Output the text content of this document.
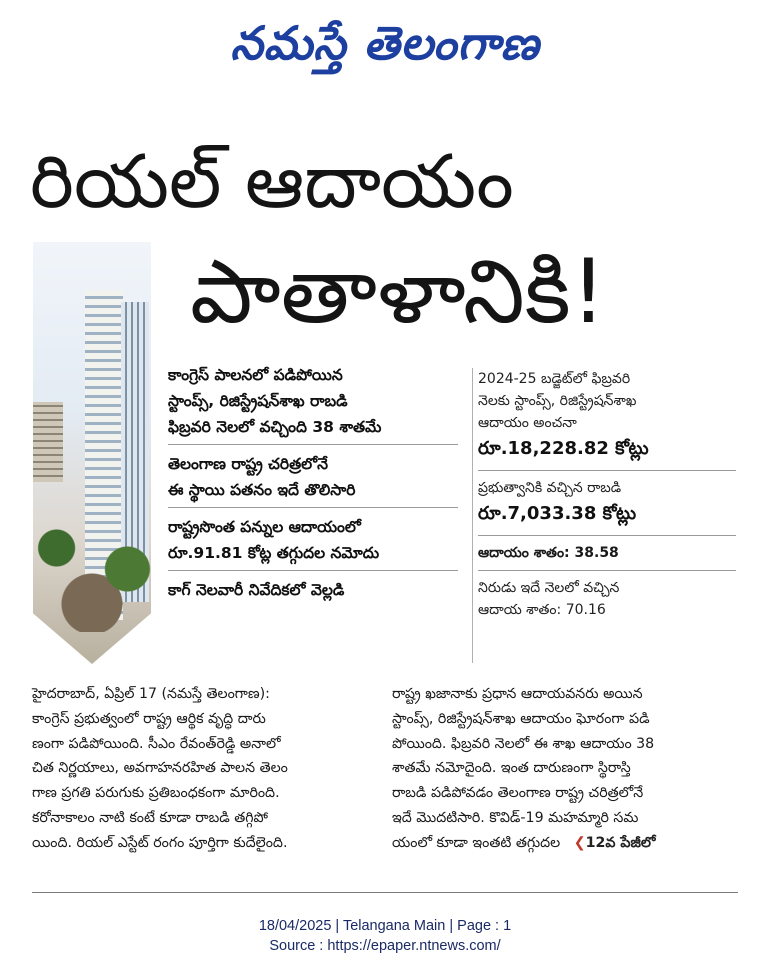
నమస్తే తెలంగాణ
రియల్ ఆదాయం
పాతాళానికి!
కాంగ్రెస్ పాలనలో పడిపోయిన
స్టాంప్స్, రిజిస్ట్రేషన్‌శాఖ రాబడి
ఫిబ్రవరి నెలలో వచ్చింది 38 శాతమే
తెలంగాణ రాష్ట్ర చరిత్రలోనే
ఈ స్థాయి పతనం ఇదే తొలిసారి
రాష్ట్రసొంత పన్నుల ఆదాయంలో
రూ.91.81 కోట్ల తగ్గుదల నమోదు
కాగ్ నెలవారీ నివేదికలో వెల్లడి
2024-25 బడ్జెట్‌లో ఫిబ్రవరి
నెలకు స్టాంప్స్, రిజిస్ట్రేషన్‌శాఖ
ఆదాయం అంచనా
రూ.18,228.82 కోట్లు
ప్రభుత్వానికి వచ్చిన రాబడి
రూ.7,033.38 కోట్లు
ఆదాయం శాతం: 38.58
నిరుడు ఇదే నెలలో వచ్చిన
ఆదాయ శాతం: 70.16

హైదరాబాద్, ఏప్రిల్ 17 (నమస్తే తెలంగాణ):

కాంగ్రెస్ ప్రభుత్వంలో రాష్ట్ర ఆర్థిక వృద్ధి దారు

ణంగా పడిపోయింది. సీఎం రేవంత్‌రెడ్డి అనాలో

చిత నిర్ణయాలు, అవగాహనరహిత పాలన తెలం

గాణ ప్రగతి పరుగుకు ప్రతిబంధకంగా మారింది.

కరోనాకాలం నాటి కంటే కూడా రాబడి తగ్గిపో

యింది. రియల్ ఎస్టేట్ రంగం పూర్తిగా కుదేలైంది.

రాష్ట్ర ఖజానాకు ప్రధాన ఆదాయవనరు అయిన

స్టాంప్స్, రిజిస్ట్రేషన్‌శాఖ ఆదాయం ఘోరంగా పడి

పోయింది. ఫిబ్రవరి నెలలో ఈ శాఖ ఆదాయం 38

శాతమే నమోదైంది. ఇంత దారుణంగా స్థిరాస్తి

రాబడి పడిపోవడం తెలంగాణ రాష్ట్ర చరిత్రలోనే

ఇదే మొదటిసారి. కొవిడ్-19 మహమ్మారి సమ

యంలో కూడా ఇంతటి తగ్గుదల ❮12వ పేజీలో

18/04/2025 | Telangana Main | Page : 1
Source : https://epaper.ntnews.com/
